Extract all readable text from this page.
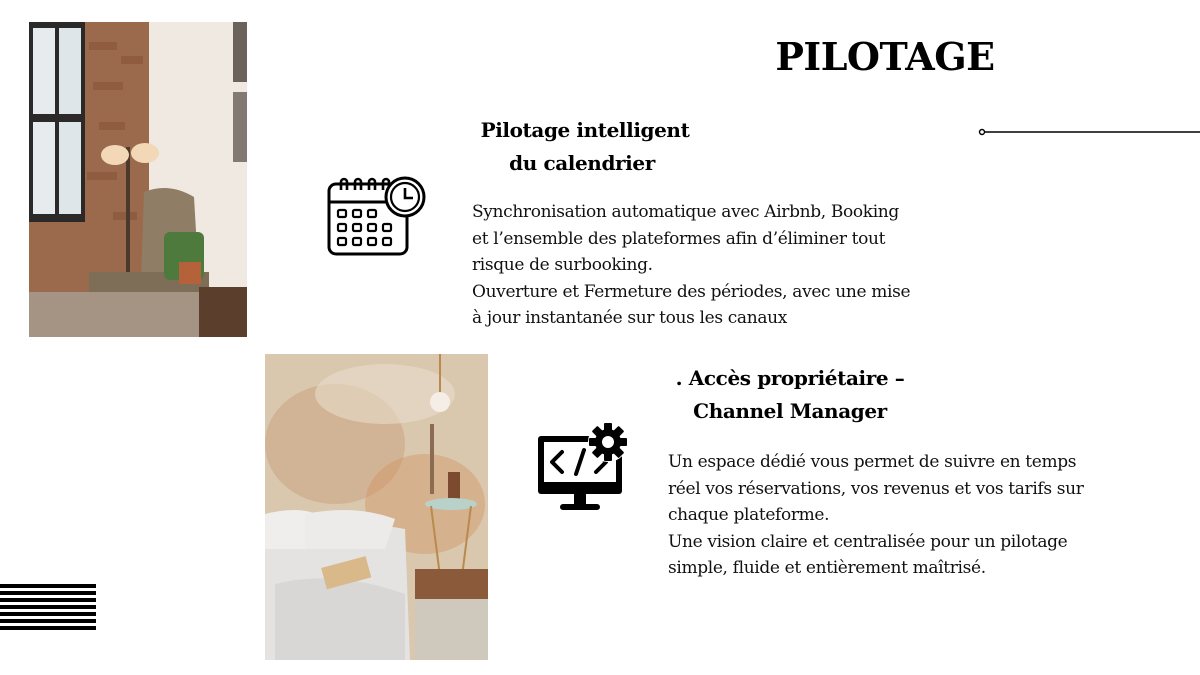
PILOTAGE
Pilotage intelligent
du calendrier
Synchronisation automatique avec Airbnb, Booking
et l’ensemble des plateformes afin d’éliminer tout
risque de surbooking.
Ouverture et Fermeture des périodes, avec une mise
à jour instantanée sur tous les canaux
. Accès propriétaire –
Channel Manager
Un espace dédié vous permet de suivre en temps
réel vos réservations, vos revenus et vos tarifs sur
chaque plateforme.
Une vision claire et centralisée pour un pilotage
simple, fluide et entièrement maîtrisé.
